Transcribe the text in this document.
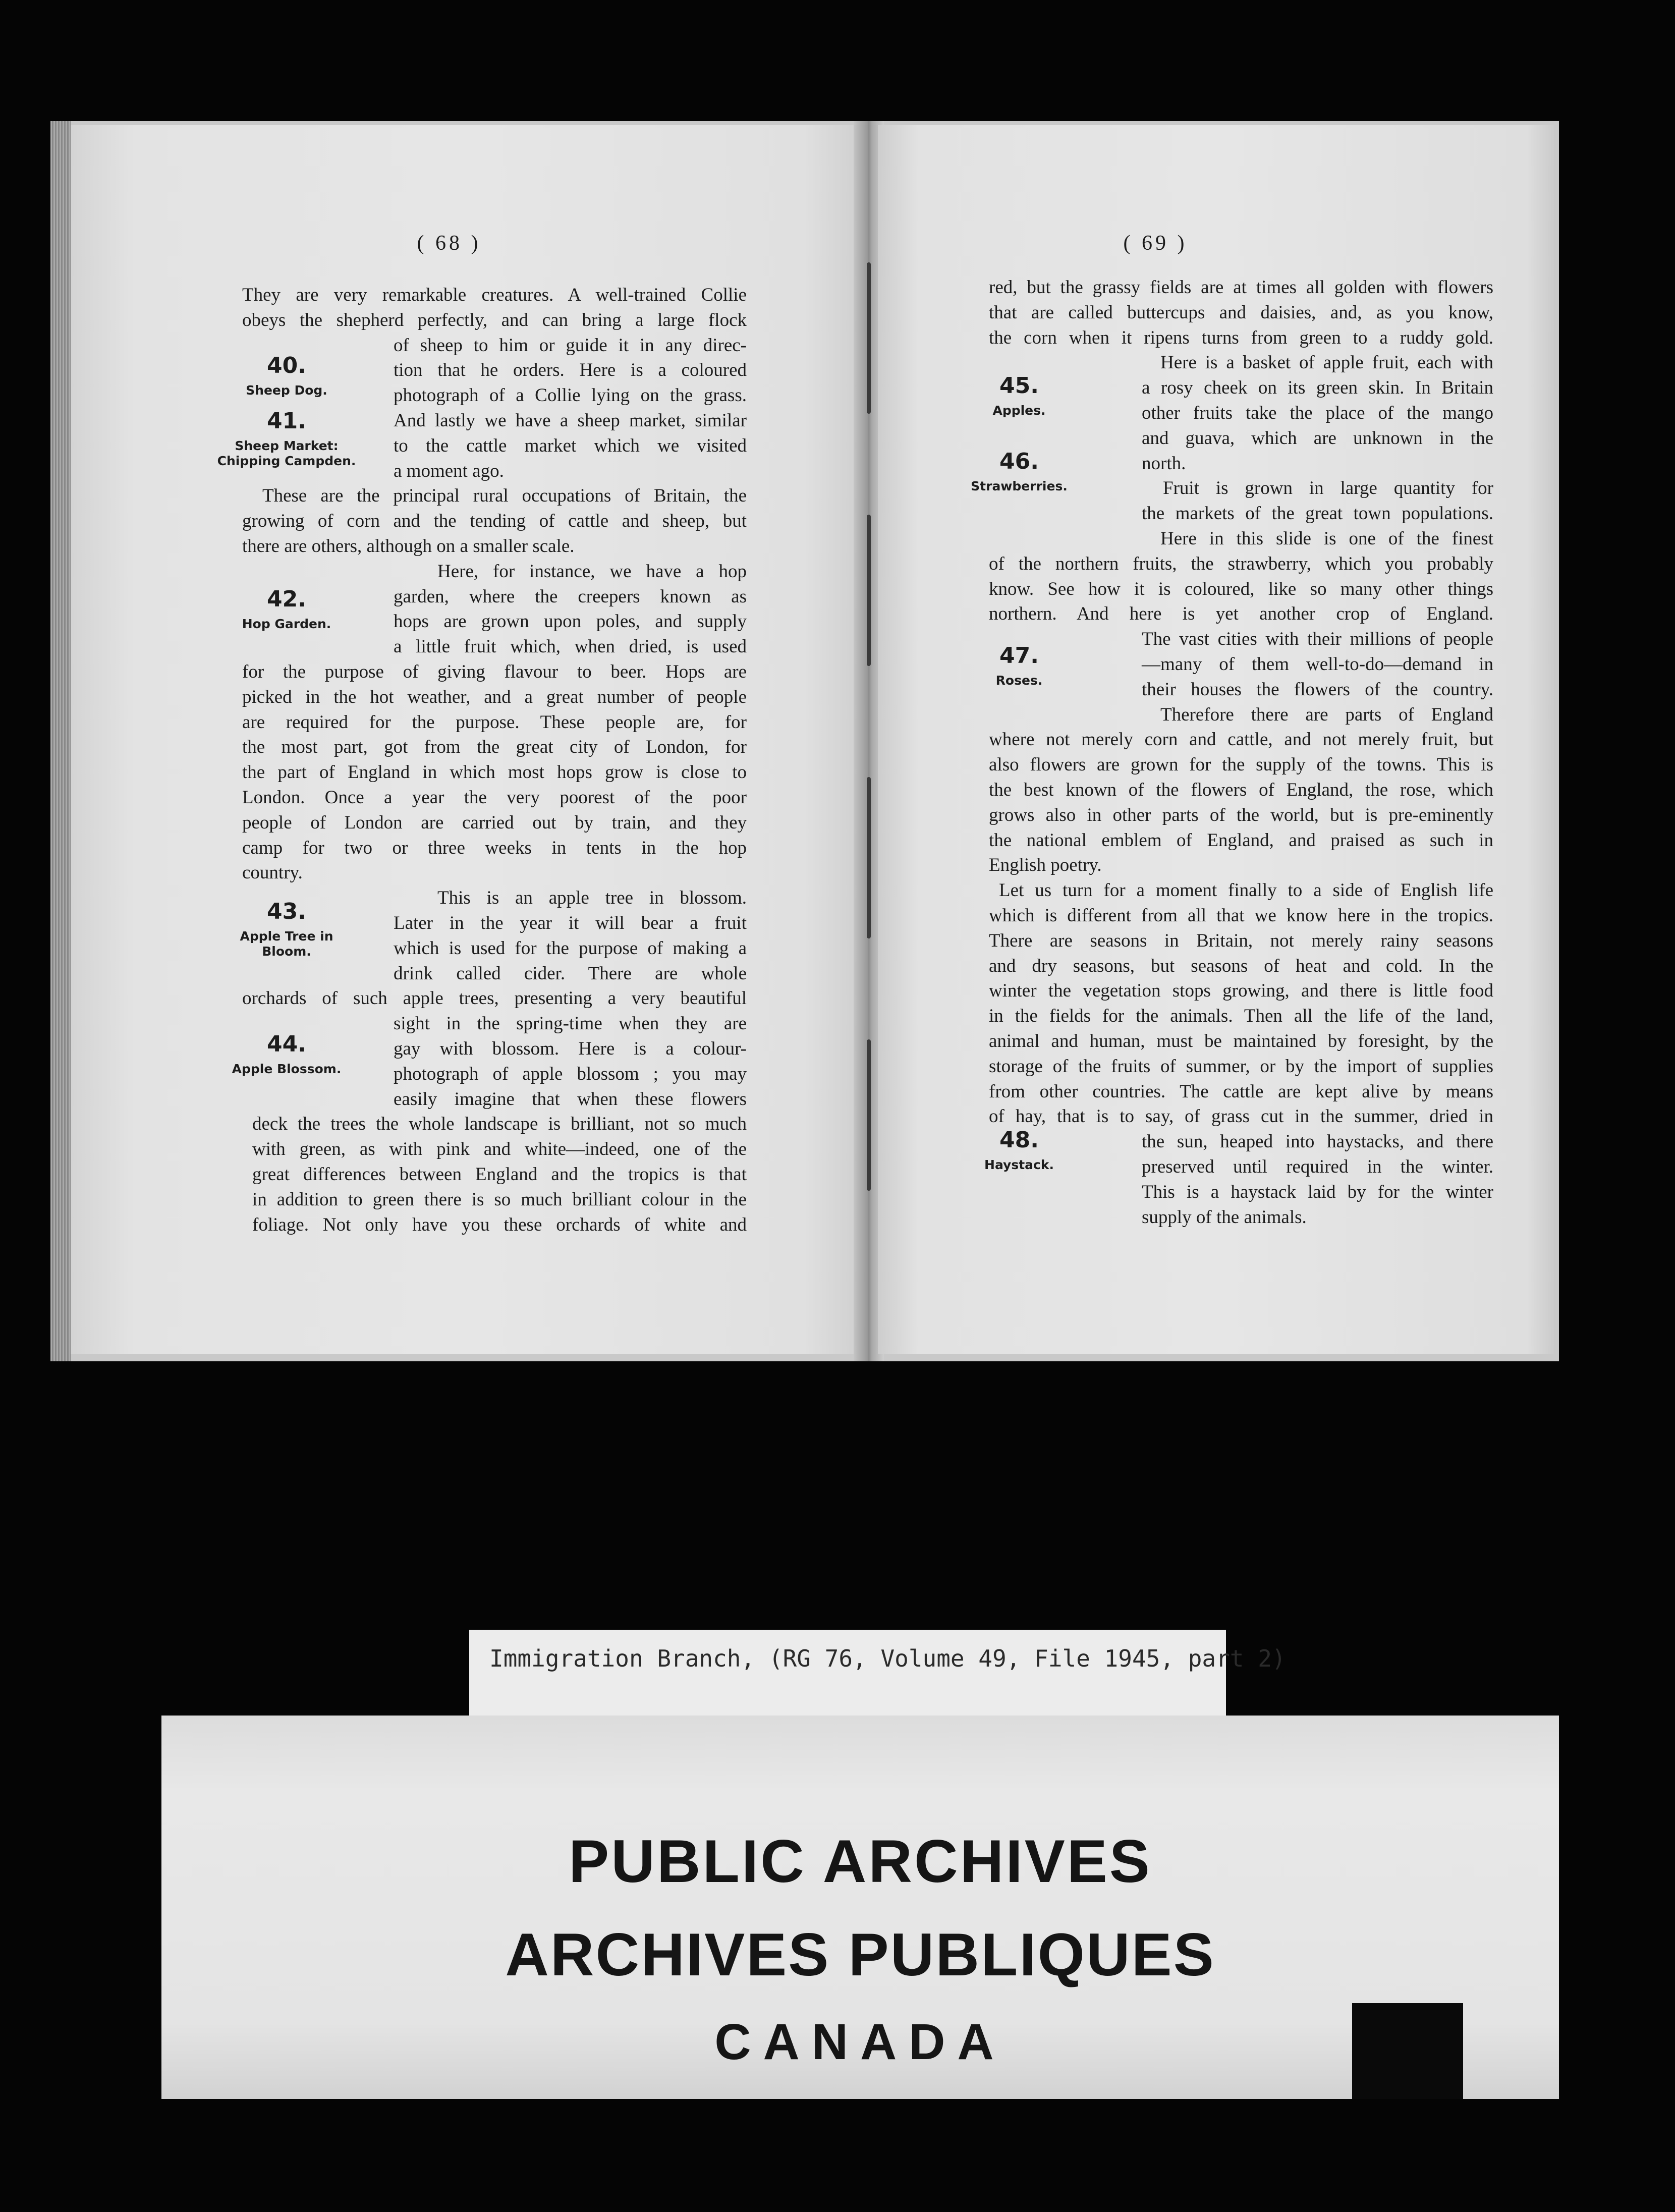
( 68 )
They are very remarkable creatures. A well-trained Collie
obeys the shepherd perfectly, and can bring a large flock
of sheep to him or guide it in any direc-
tion that he orders. Here is a coloured
photograph of a Collie lying on the grass.
And lastly we have a sheep market, similar
to the cattle market which we visited
a moment ago.
These are the principal rural occupations of Britain, the
growing of corn and the tending of cattle and sheep, but
there are others, although on a smaller scale.
Here, for instance, we have a hop
garden, where the creepers known as
hops are grown upon poles, and supply
a little fruit which, when dried, is used
for the purpose of giving flavour to beer. Hops are
picked in the hot weather, and a great number of people
are required for the purpose. These people are, for
the most part, got from the great city of London, for
the part of England in which most hops grow is close to
London. Once a year the very poorest of the poor
people of London are carried out by train, and they
camp for two or three weeks in tents in the hop
country.
This is an apple tree in blossom.
Later in the year it will bear a fruit
which is used for the purpose of making a
drink called cider. There are whole
orchards of such apple trees, presenting a very beautiful
sight in the spring-time when they are
gay with blossom. Here is a colour-
photograph of apple blossom ; you may
easily imagine that when these flowers
deck the trees the whole landscape is brilliant, not so much
with green, as with pink and white—indeed, one of the
great differences between England and the tropics is that
in addition to green there is so much brilliant colour in the
foliage. Not only have you these orchards of white and
40.
Sheep Dog.
41.
Sheep Market:
Chipping Campden.
42.
Hop Garden.
43.
Apple Tree in
Bloom.
44.
Apple Blossom.
( 69 )
red, but the grassy fields are at times all golden with flowers
that are called buttercups and daisies, and, as you know,
the corn when it ripens turns from green to a ruddy gold.
Here is a basket of apple fruit, each with
a rosy cheek on its green skin. In Britain
other fruits take the place of the mango
and guava, which are unknown in the
north.
Fruit is grown in large quantity for
the markets of the great town populations.
Here in this slide is one of the finest
of the northern fruits, the strawberry, which you probably
know. See how it is coloured, like so many other things
northern. And here is yet another crop of England.
The vast cities with their millions of people
—many of them well-to-do—demand in
their houses the flowers of the country.
Therefore there are parts of England
where not merely corn and cattle, and not merely fruit, but
also flowers are grown for the supply of the towns. This is
the best known of the flowers of England, the rose, which
grows also in other parts of the world, but is pre-eminently
the national emblem of England, and praised as such in
English poetry.
Let us turn for a moment finally to a side of English life
which is different from all that we know here in the tropics.
There are seasons in Britain, not merely rainy seasons
and dry seasons, but seasons of heat and cold. In the
winter the vegetation stops growing, and there is little food
in the fields for the animals. Then all the life of the land,
animal and human, must be maintained by foresight, by the
storage of the fruits of summer, or by the import of supplies
from other countries. The cattle are kept alive by means
of hay, that is to say, of grass cut in the summer, dried in
the sun, heaped into haystacks, and there
preserved until required in the winter.
This is a haystack laid by for the winter
supply of the animals.
45.
Apples.
46.
Strawberries.
47.
Roses.
48.
Haystack.
Immigration Branch, (RG 76, Volume 49, File 1945, part 2)
PUBLIC ARCHIVES
ARCHIVES PUBLIQUES
CANADA
